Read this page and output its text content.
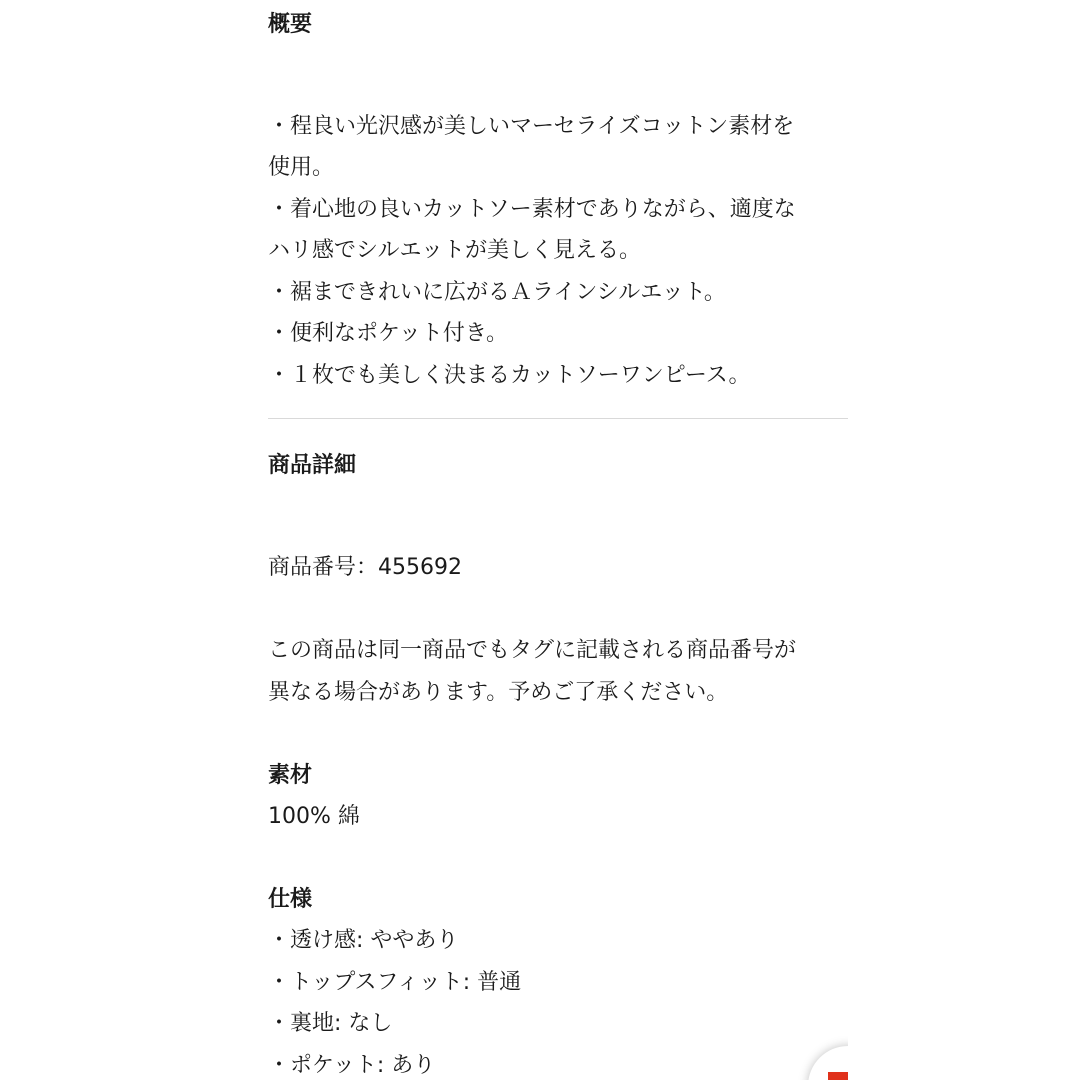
概要
・程良い光沢感が美しいマーセライズコットン素材を
使用。
・着心地の良いカットソー素材でありながら、適度な
ハリ感でシルエットが美しく見える。
・裾まできれいに広がるＡラインシルエット。
・便利なポケット付き。
・１枚でも美しく決まるカットソーワンピース。
商品詳細
商品番号：455692
この商品は同一商品でもタグに記載される商品番号が
異なる場合があります。予めご了承ください。
素材
100% 綿
仕様
・透け感: ややあり
・トップスフィット: 普通
・裏地: なし
・ポケット: あり
